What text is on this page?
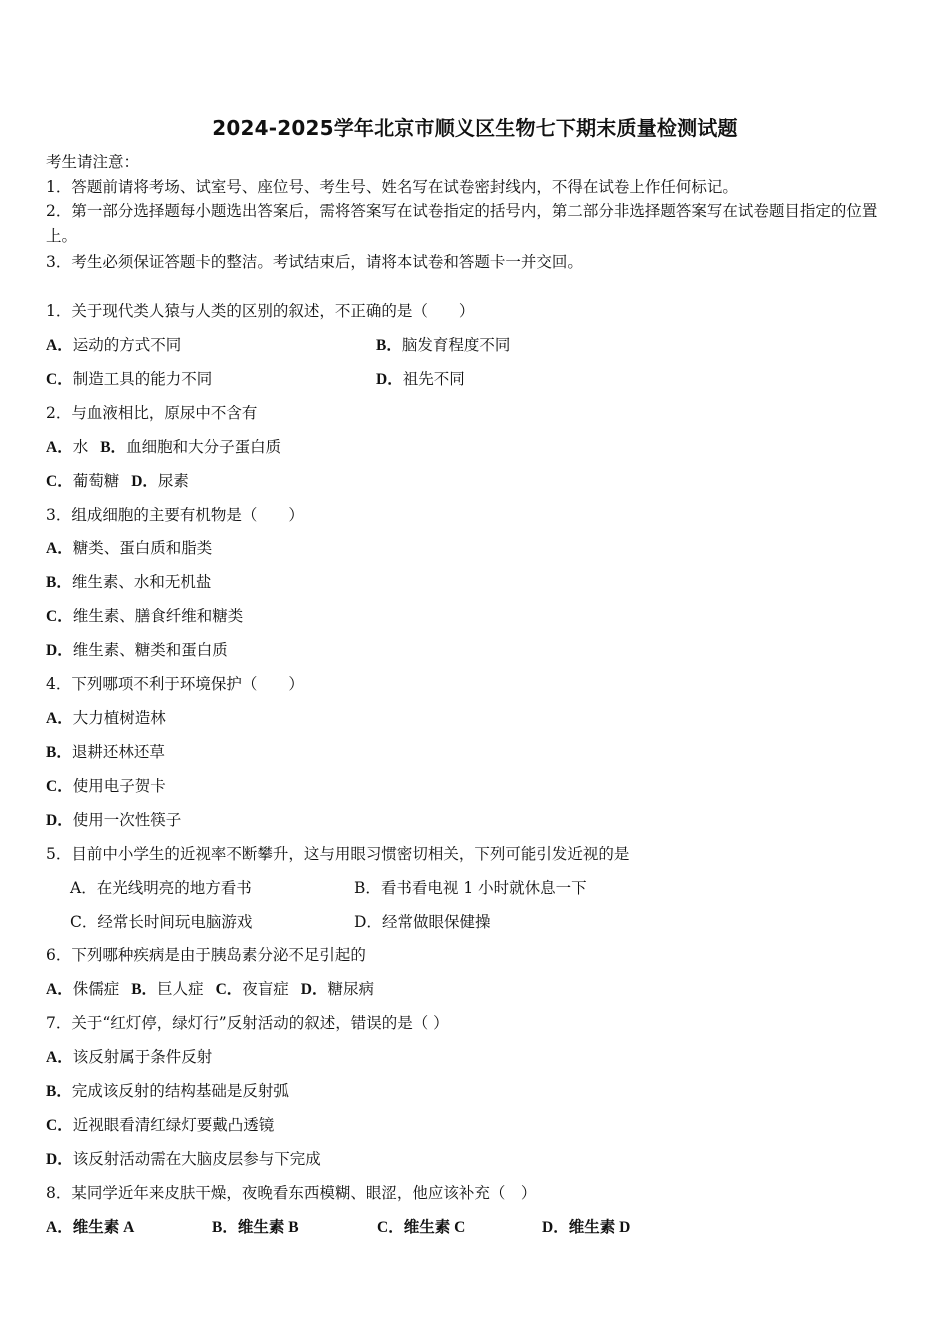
2024-2025学年北京市顺义区生物七下期末质量检测试题
考生请注意：
1．答题前请将考场、试室号、座位号、考生号、姓名写在试卷密封线内，不得在试卷上作任何标记。
2．第一部分选择题每小题选出答案后，需将答案写在试卷指定的括号内，第二部分非选择题答案写在试卷题目指定的位置上。
3．考生必须保证答题卡的整洁。考试结束后，请将本试卷和答题卡一并交回。
1．关于现代类人猿与人类的区别的叙述，不正确的是（　　）
A．运动的方式不同	B．脑发育程度不同
C．制造工具的能力不同	D．祖先不同
2．与血液相比，原尿中不含有
A．水 B．血细胞和大分子蛋白质
C．葡萄糖 D．尿素
3．组成细胞的主要有机物是（　　）
A．糖类、蛋白质和脂类
B．维生素、水和无机盐
C．维生素、膳食纤维和糖类
D．维生素、糖类和蛋白质
4．下列哪项不利于环境保护（　　）
A．大力植树造林
B．退耕还林还草
C．使用电子贺卡
D．使用一次性筷子
5．目前中小学生的近视率不断攀升，这与用眼习惯密切相关，下列可能引发近视的是
A．在光线明亮的地方看书	B．看书看电视 1 小时就休息一下
C．经常长时间玩电脑游戏	D．经常做眼保健操
6．下列哪种疾病是由于胰岛素分泌不足引起的
A．侏儒症 B．巨人症 C．夜盲症 D．糖尿病
7．关于“红灯停，绿灯行”反射活动的叙述，错误的是（ ）
A．该反射属于条件反射
B．完成该反射的结构基础是反射弧
C．近视眼看清红绿灯要戴凸透镜
D．该反射活动需在大脑皮层参与下完成
8．某同学近年来皮肤干燥，夜晚看东西模糊、眼涩，他应该补充（　）
A．维生素 A	B．维生素 B	C．维生素 C	D．维生素 D
